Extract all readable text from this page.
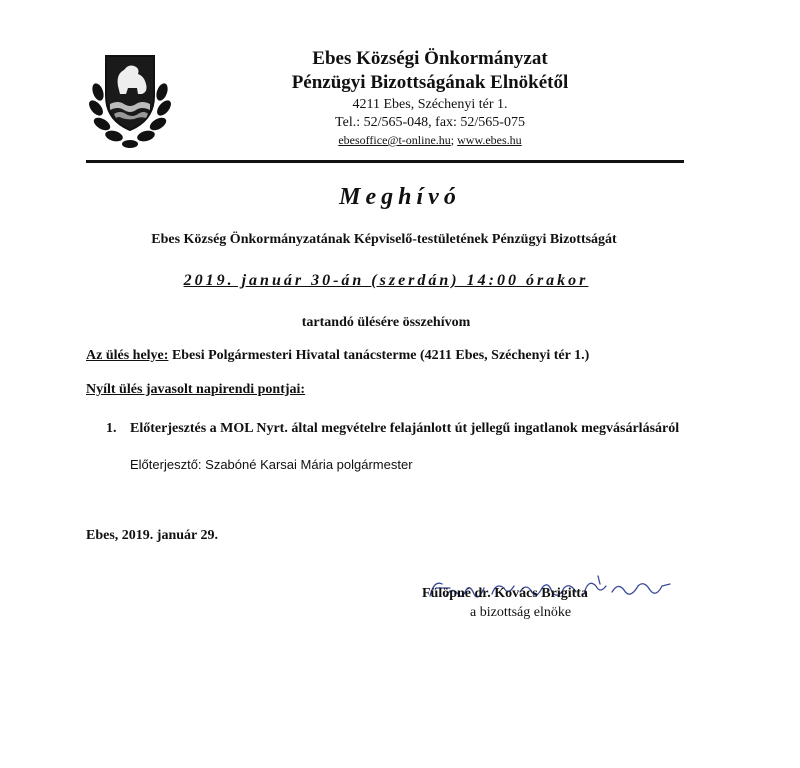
Ebes Községi Önkormányzat
Pénzügyi Bizottságának Elnökétől
4211 Ebes, Széchenyi tér 1.
Tel.: 52/565-048, fax: 52/565-075
ebesoffice@t-online.hu; www.ebes.hu
Meghívó
Ebes Község Önkormányzatának Képviselő-testületének Pénzügyi Bizottságát
2019. január 30-án (szerdán) 14:00 órakor
tartandó ülésére összehívom
Az ülés helye: Ebesi Polgármesteri Hivatal tanácsterme (4211 Ebes, Széchenyi tér 1.)
Nyílt ülés javasolt napirendi pontjai:
1. Előterjesztés a MOL Nyrt. által megvételre felajánlott út jellegű ingatlanok megvásárlásáról
Előterjesztő: Szabóné Karsai Mária polgármester
Ebes, 2019. január 29.
Fülöpné dr. Kovács Brigitta
a bizottság elnöke
